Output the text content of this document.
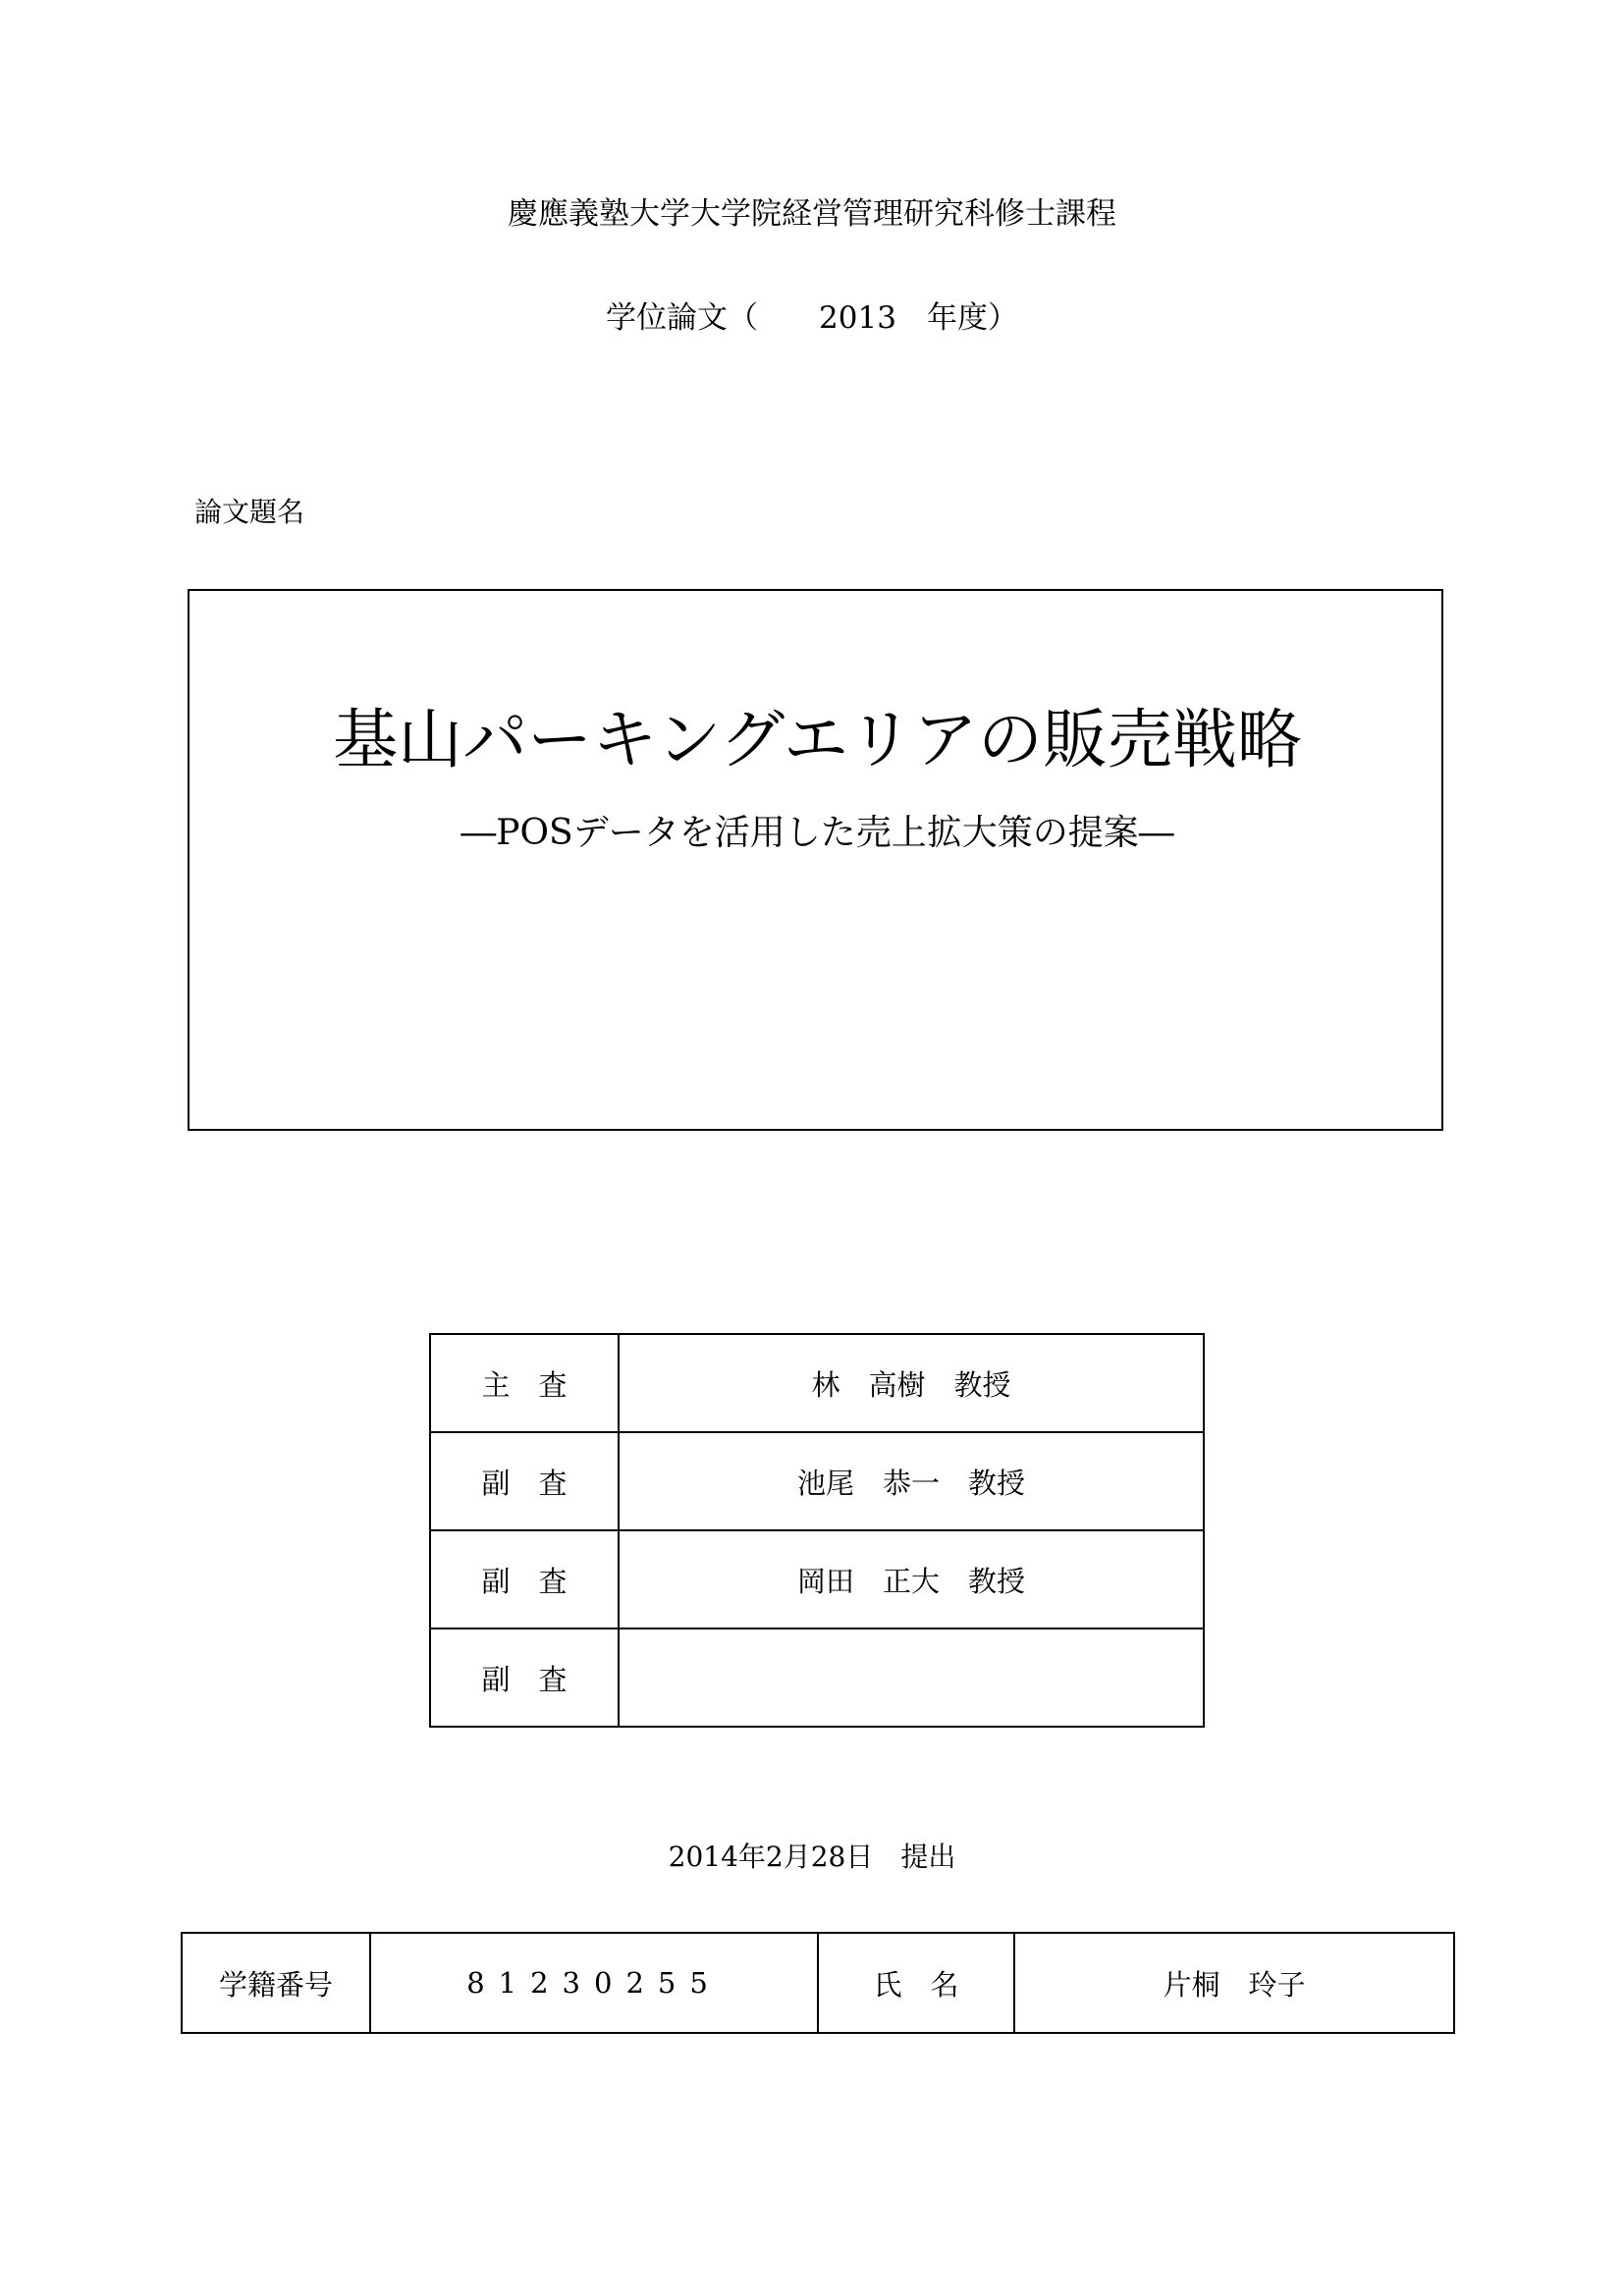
慶應義塾大学大学院経営管理研究科修士課程
学位論文（　　2013　年度）
論文題名
基山パーキングエリアの販売戦略
―POSデータを活用した売上拡大策の提案―
主　査	林　高樹　教授
副　査	池尾　恭一　教授
副　査	岡田　正大　教授
副　査	
2014年2月28日　提出
学籍番号	81230255	氏　名	片桐　玲子
